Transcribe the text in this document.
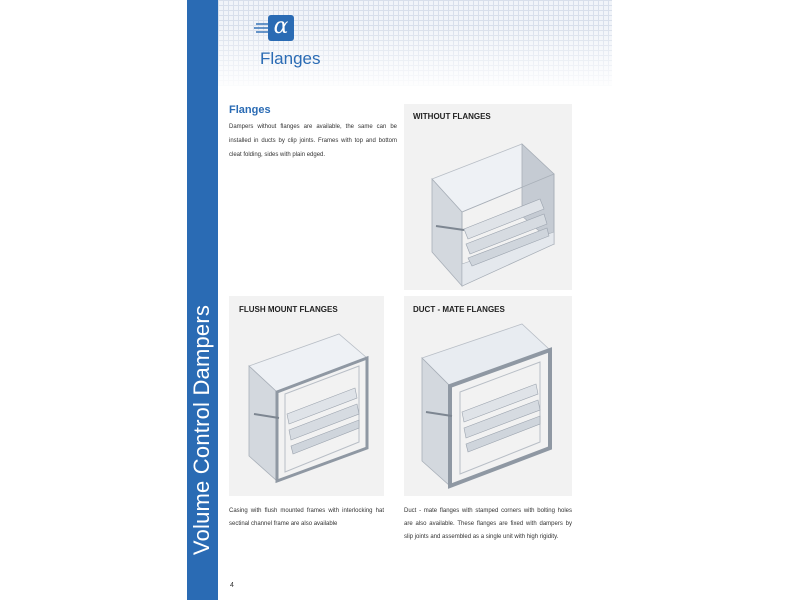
Volume Control Dampers
α
Flanges
Flanges
Dampers without flanges are available, the same can be installed in ducts by clip joints. Frames with top and bottom cleat folding, sides with plain edged.
WITHOUT FLANGES
FLUSH MOUNT FLANGES	DUCT - MATE FLANGES
Casing with flush mounted frames with interlocking hat sectinal channel frame are also available
Duct - mate flanges with stamped corners with bolting holes are also available. These flanges are fixed with dampers by slip joints and assembled as a single unit with high rigidity.
4
